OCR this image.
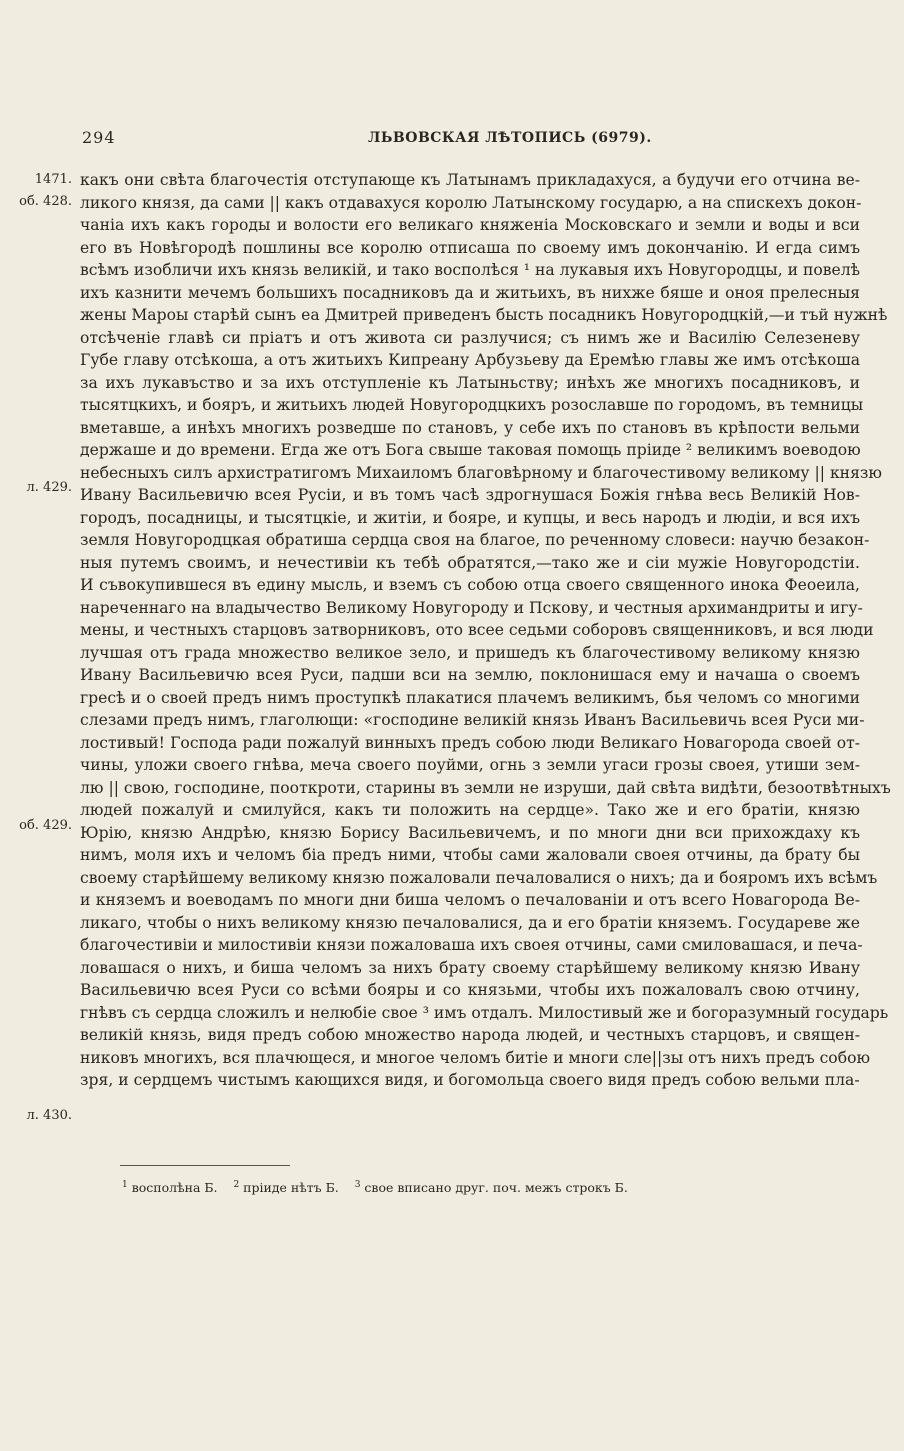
294	ЛЬВОВСКАЯ ЛѢТОПИСЬ (6979).
1471.
об. 428.
л. 429.
об. 429.
л. 430.
какъ они свѣта благочестія отступающе къ Латынамъ прикладахуся, а будучи его отчина ве-
ликого князя, да сами || какъ отдавахуся королю Латынскому государю, а на спискехъ докон-
чаніа ихъ какъ городы и волости его великаго княженіа Московскаго и земли и воды и вси
его въ Новѣгородѣ пошлины все королю отписаша по своему имъ докончанію. И егда симъ
всѣмъ изобличи ихъ князь великій, и тако восполѣся ¹ на лукавыя ихъ Новугородцы, и повелѣ
ихъ казнити мечемъ большихъ посадниковъ да и житьихъ, въ нихже бяше и оноя прелесныя
жены Мароы старѣй сынъ еа Дмитрей приведенъ бысть посадникъ Новугородцкій,—и тъй нужнѣ
отсѣченіе главѣ си пріатъ и отъ живота си разлучися; съ нимъ же и Василію Селезеневу
Губе главу отсѣкоша, а отъ житьихъ Кипреану Арбузьеву да Еремѣю главы же имъ отсѣкоша
за ихъ лукавъство и за ихъ отступленіе къ Латыньству; инѣхъ же многихъ посадниковъ, и
тысятцкихъ, и бояръ, и житьихъ людей Новугородцкихъ розославше по городомъ, въ темницы
вметавше, а инѣхъ многихъ розведше по становъ, у себе ихъ по становъ въ крѣпости вельми
держаше и до времени. Егда же отъ Бога свыше таковая помощь пріиде ² великимъ воеводою
небесныхъ силъ архистратигомъ Михаиломъ благовѣрному и благочестивому великому || князю
Ивану Васильевичю всея Русіи, и въ томъ часѣ здрогнушася Божія гнѣва весь Великій Нов-
городъ, посадницы, и тысятцкіе, и житіи, и бояре, и купцы, и весь народъ и людіи, и вся ихъ
земля Новугородцкая обратиша сердца своя на благое, по реченному словеси: научю безакон-
ныя путемъ своимъ, и нечестивіи къ тебѣ обратятся,—тако же и сіи мужіе Новугородстіи.
И съвокупившеся въ едину мысль, и вземъ съ собою отца своего священного инока Феоеила,
нареченнаго на владычество Великому Новугороду и Пскову, и честныя архимандриты и игу-
мены, и честныхъ старцовъ затворниковъ, ото всее седьми соборовъ священниковъ, и вся люди
лучшая отъ града множество великое зело, и пришедъ къ благочестивому великому князю
Ивану Васильевичю всея Руси, падши вси на землю, поклонишася ему и начаша о своемъ
гресѣ и о своей предъ нимъ проступкѣ плакатися плачемъ великимъ, бья челомъ со многими
слезами предъ нимъ, глаголющи: «господине великій князь Иванъ Васильевичь всея Руси ми-
лостивый! Господа ради пожалуй винныхъ предъ собою люди Великаго Новагорода своей от-
чины, уложи своего гнѣва, меча своего поуйми, огнь з земли угаси грозы своея, утиши зем-
лю || свою, господине, пооткроти, старины въ земли не изруши, дай свѣта видѣти, безоотвѣтныхъ
людей пожалуй и смилуйся, какъ ти положить на сердце». Тако же и его братіи, князю
Юрію, князю Андрѣю, князю Борису Васильевичемъ, и по многи дни вси прихождаху къ
нимъ, моля ихъ и челомъ біа предъ ними, чтобы сами жаловали своея отчины, да брату бы
своему старѣйшему великому князю пожаловали печаловалися о нихъ; да и бояромъ ихъ всѣмъ
и княземъ и воеводамъ по многи дни биша челомъ о печалованіи и отъ всего Новагорода Ве-
ликаго, чтобы о нихъ великому князю печаловалися, да и его братіи княземъ. Государеве же
благочестивіи и милостивіи князи пожаловаша ихъ своея отчины, сами смиловашася, и печа-
ловашася о нихъ, и биша челомъ за нихъ брату своему старѣйшему великому князю Ивану
Васильевичю всея Руси со всѣми бояры и со князьми, чтобы ихъ пожаловалъ свою отчину,
гнѣвъ съ сердца сложилъ и нелюбіе свое ³ имъ отдалъ. Милостивый же и богоразумный государь
великій князь, видя предъ собою множество народа людей, и честныхъ старцовъ, и священ-
никовъ многихъ, вся плачющеся, и многое челомъ битіе и многи сле||зы отъ нихъ предъ собою
зря, и сердцемъ чистымъ кающихся видя, и богомольца своего видя предъ собою вельми пла-
$^1$ восполѣна Б. $^2$ пріиде нѣтъ Б. $^3$ свое вписано друг. поч. межъ строкъ Б.
